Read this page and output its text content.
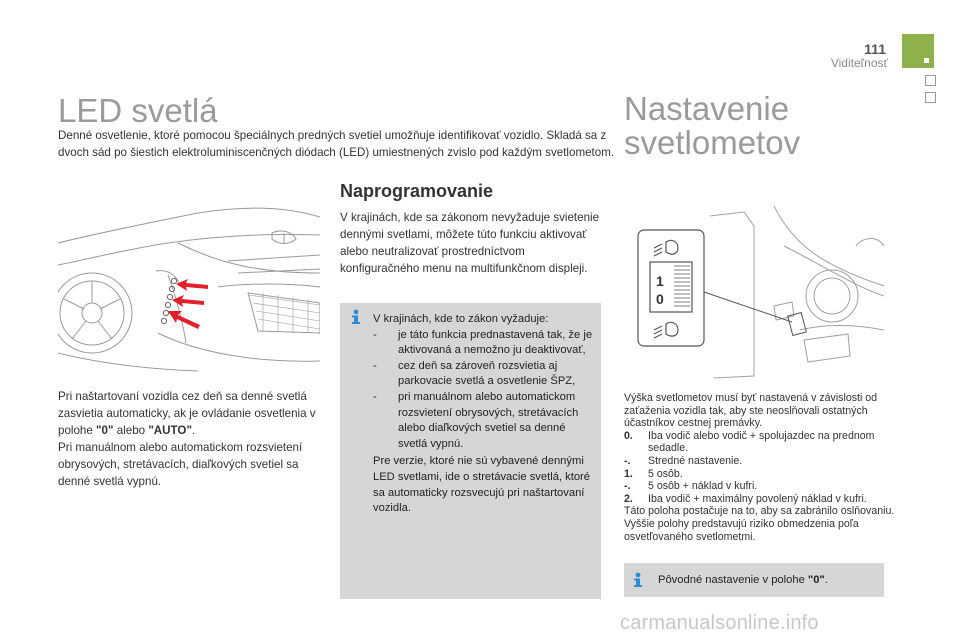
111
Viditeľnosť
LED svetlá
Denné osvetlenie, ktoré pomocou špeciálnych predných svetiel umožňuje identifikovať vozidlo. Skladá sa z dvoch sád po šiestich elektroluminiscenčných diódach (LED) umiestnených zvislo pod každým svetlometom.
Pri naštartovaní vozidla cez deň sa denné svetlá zasvietia automaticky, ak je ovládanie osvetlenia v polohe "0" alebo "AUTO".
Pri manuálnom alebo automatickom rozsvietení obrysových, stretávacích, diaľkových svetiel sa denné svetlá vypnú.
Naprogramovanie
V krajinách, kde sa zákonom nevyžaduje svietenie dennými svetlami, môžete túto funkciu aktivovať alebo neutralizovať prostredníctvom konfiguračného menu na multifunkčnom displeji.
V krajinách, kde to zákon vyžaduje:
- je táto funkcia prednastavená tak, že je aktivovaná a nemožno ju deaktivovať,
- cez deň sa zároveň rozsvietia aj parkovacie svetlá a osvetlenie ŠPZ,
- pri manuálnom alebo automatickom rozsvietení obrysových, stretávacích alebo diaľkových svetiel sa denné svetlá vypnú.
Pre verzie, ktoré nie sú vybavené dennými LED svetlami, ide o stretávacie svetlá, ktoré sa automaticky rozsvecujú pri naštartovaní vozidla.
Nastavenie
svetlometov
1
0
Výška svetlometov musí byť nastavená v závislosti od zaťaženia vozidla tak, aby ste neoslňovali ostatných účastníkov cestnej premávky.
0. Iba vodič alebo vodič + spolujazdec na prednom sedadle.
-. Stredné nastavenie.
1. 5 osôb.
-. 5 osôb + náklad v kufri.
2. Iba vodič + maximálny povolený náklad v kufri.
Táto poloha postačuje na to, aby sa zabránilo oslňovaniu.
Vyššie polohy predstavujú riziko obmedzenia poľa osvetľovaného svetlometmi.
Pôvodné nastavenie v polohe "0".
carmanualsonline.info
